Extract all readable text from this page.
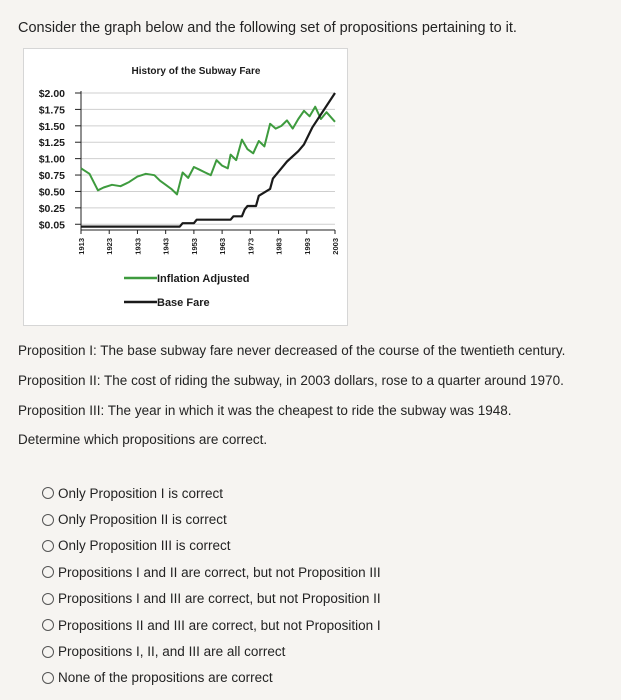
Consider the graph below and the following set of propositions pertaining to it.
History of the Subway Fare
$2.00
$1.75
$1.50
$1.25
$1.00
$0.75
$0.50
$0.25
$0.05
1913	1923	1933	1943	1953	1963	1973	1983	1993	2003
Inflation Adjusted
Base Fare
Proposition I: The base subway fare never decreased of the course of the twentieth century.
Proposition II: The cost of riding the subway, in 2003 dollars, rose to a quarter around 1970.
Proposition III: The year in which it was the cheapest to ride the subway was 1948.
Determine which propositions are correct.
Only Proposition I is correct
Only Proposition II is correct
Only Proposition III is correct
Propositions I and II are correct, but not Proposition III
Propositions I and III are correct, but not Proposition II
Propositions II and III are correct, but not Proposition I
Propositions I, II, and III are all correct
None of the propositions are correct
